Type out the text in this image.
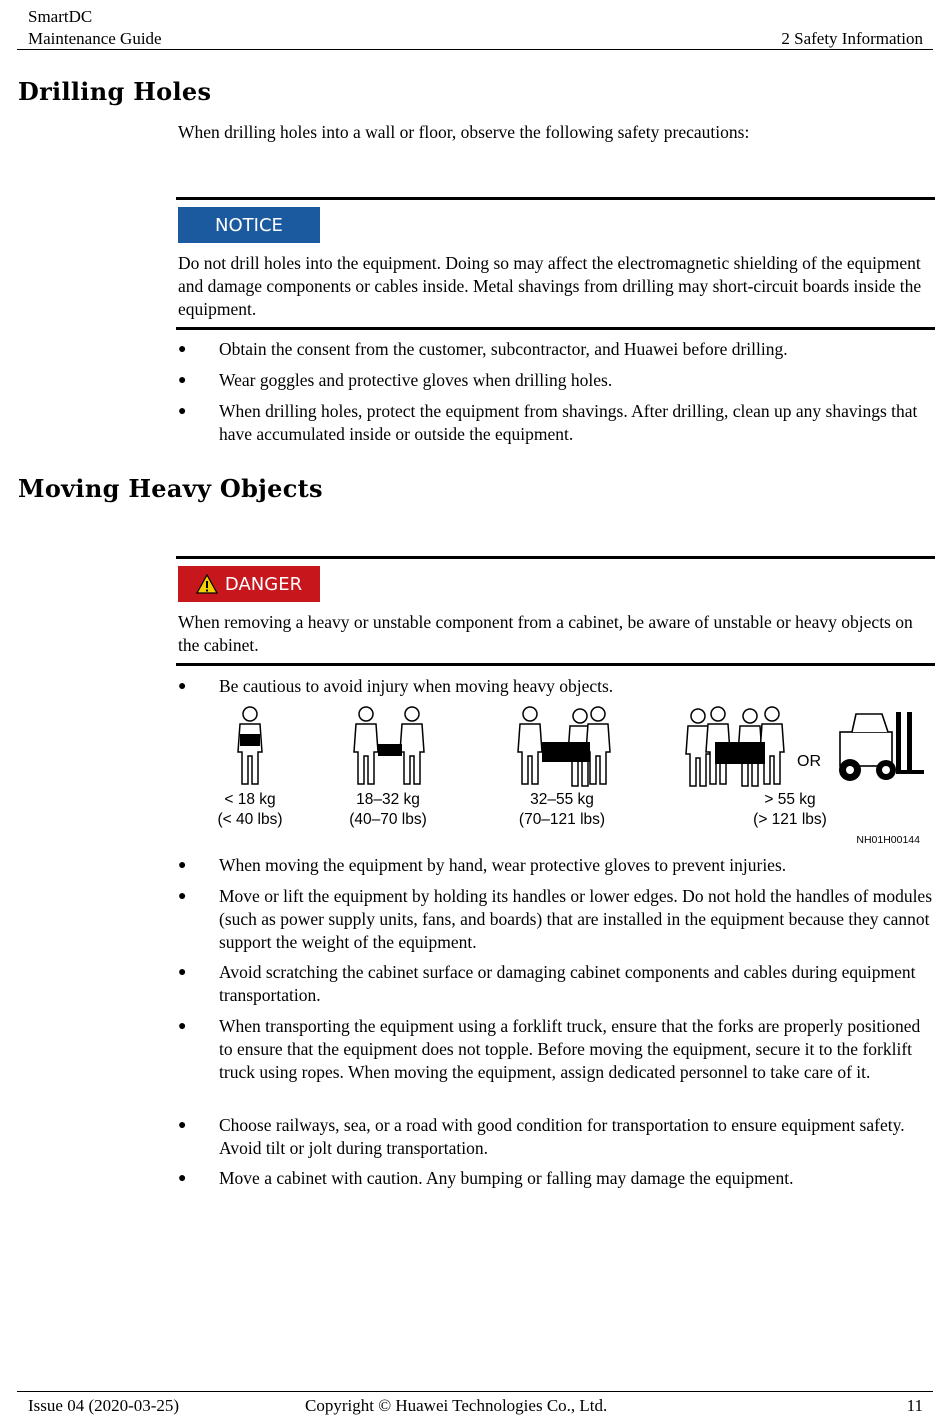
SmartDC
Maintenance Guide	2 Safety Information
Drilling Holes
When drilling holes into a wall or floor, observe the following safety precautions:
NOTICE
Do not drill holes into the equipment. Doing so may affect the electromagnetic shielding of the equipment and damage components or cables inside. Metal shavings from drilling may short-circuit boards inside the equipment.
●	Obtain the consent from the customer, subcontractor, and Huawei before drilling.
●	Wear goggles and protective gloves when drilling holes.
●	When drilling holes, protect the equipment from shavings. After drilling, clean up any shavings that have accumulated inside or outside the equipment.
Moving Heavy Objects
DANGER
When removing a heavy or unstable component from a cabinet, be aware of unstable or heavy objects on the cabinet.
●	Be cautious to avoid injury when moving heavy objects.
OR
< 18 kg
(< 40 lbs)
18–32 kg
(40–70 lbs)
32–55 kg
(70–121 lbs)
> 55 kg
(> 121 lbs)
NH01H00144
●	When moving the equipment by hand, wear protective gloves to prevent injuries.
●	Move or lift the equipment by holding its handles or lower edges. Do not hold the handles of modules (such as power supply units, fans, and boards) that are installed in the equipment because they cannot support the weight of the equipment.
●	Avoid scratching the cabinet surface or damaging cabinet components and cables during equipment transportation.
●	When transporting the equipment using a forklift truck, ensure that the forks are properly positioned to ensure that the equipment does not topple. Before moving the equipment, secure it to the forklift truck using ropes. When moving the equipment, assign dedicated personnel to take care of it.
●	Choose railways, sea, or a road with good condition for transportation to ensure equipment safety. Avoid tilt or jolt during transportation.
●	Move a cabinet with caution. Any bumping or falling may damage the equipment.
Issue 04 (2020-03-25)	Copyright © Huawei Technologies Co., Ltd.	11
